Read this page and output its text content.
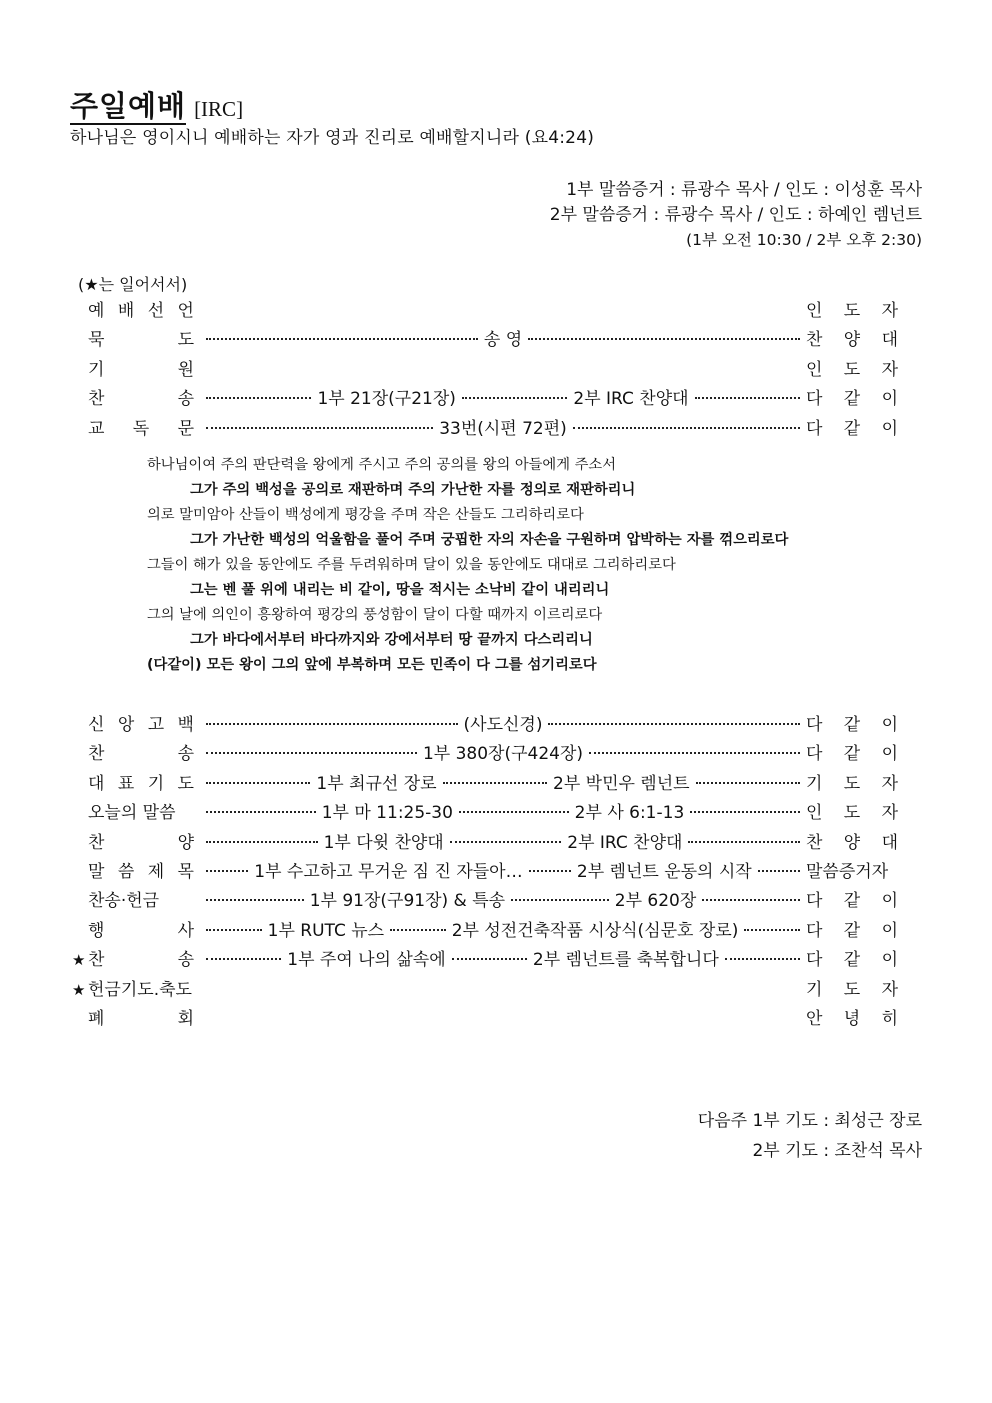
주일예배 [IRC]
하나님은 영이시니 예배하는 자가 영과 진리로 예배할지니라 (요4:24)
1부 말씀증거 : 류광수 목사 / 인도 : 이성훈 목사
2부 말씀증거 : 류광수 목사 / 인도 : 하예인 렘넌트
(1부 오전 10:30 / 2부 오후 2:30)
(★는 일어서서)
예 배 선 언	인 도 자
묵	도	송 영	찬 양 대
기	원	인 도 자
찬	송	1부 21장(구21장)	2부 IRC 찬양대	다 같 이
교 독 문	33번(시편 72편)	다 같 이
하나님이여 주의 판단력을 왕에게 주시고 주의 공의를 왕의 아들에게 주소서
그가 주의 백성을 공의로 재판하며 주의 가난한 자를 정의로 재판하리니
의로 말미암아 산들이 백성에게 평강을 주며 작은 산들도 그리하리로다
그가 가난한 백성의 억울함을 풀어 주며 궁핍한 자의 자손을 구원하며 압박하는 자를 꺾으리로다
그들이 해가 있을 동안에도 주를 두려워하며 달이 있을 동안에도 대대로 그리하리로다
그는 벤 풀 위에 내리는 비 같이, 땅을 적시는 소낙비 같이 내리리니
그의 날에 의인이 흥왕하여 평강의 풍성함이 달이 다할 때까지 이르리로다
그가 바다에서부터 바다까지와 강에서부터 땅 끝까지 다스리리니
(다같이) 모든 왕이 그의 앞에 부복하며 모든 민족이 다 그를 섬기리로다
신 앙 고 백	(사도신경)	다 같 이
찬	송	1부 380장(구424장)	다 같 이
대 표 기 도	1부 최규선 장로	2부 박민우 렘넌트	기 도 자
오늘의 말씀	1부 마 11:25-30	2부 사 6:1-13	인 도 자
찬	양	1부 다윗 찬양대	2부 IRC 찬양대	찬 양 대
말 씀 제 목	1부 수고하고 무거운 짐 진 자들아…	2부 렘넌트 운동의 시작	말씀증거자
찬송·헌금	1부 91장(구91장) & 특송	2부 620장	다 같 이
행	사	1부 RUTC 뉴스	2부 성전건축작품 시상식(심문호 장로)	다 같 이
★ 찬	송	1부 주여 나의 삶속에	2부 렘넌트를 축복합니다	다 같 이
★ 헌금기도.축도	기 도 자
폐	회	안 녕 히
다음주 1부 기도 : 최성근 장로
2부 기도 : 조찬석 목사
